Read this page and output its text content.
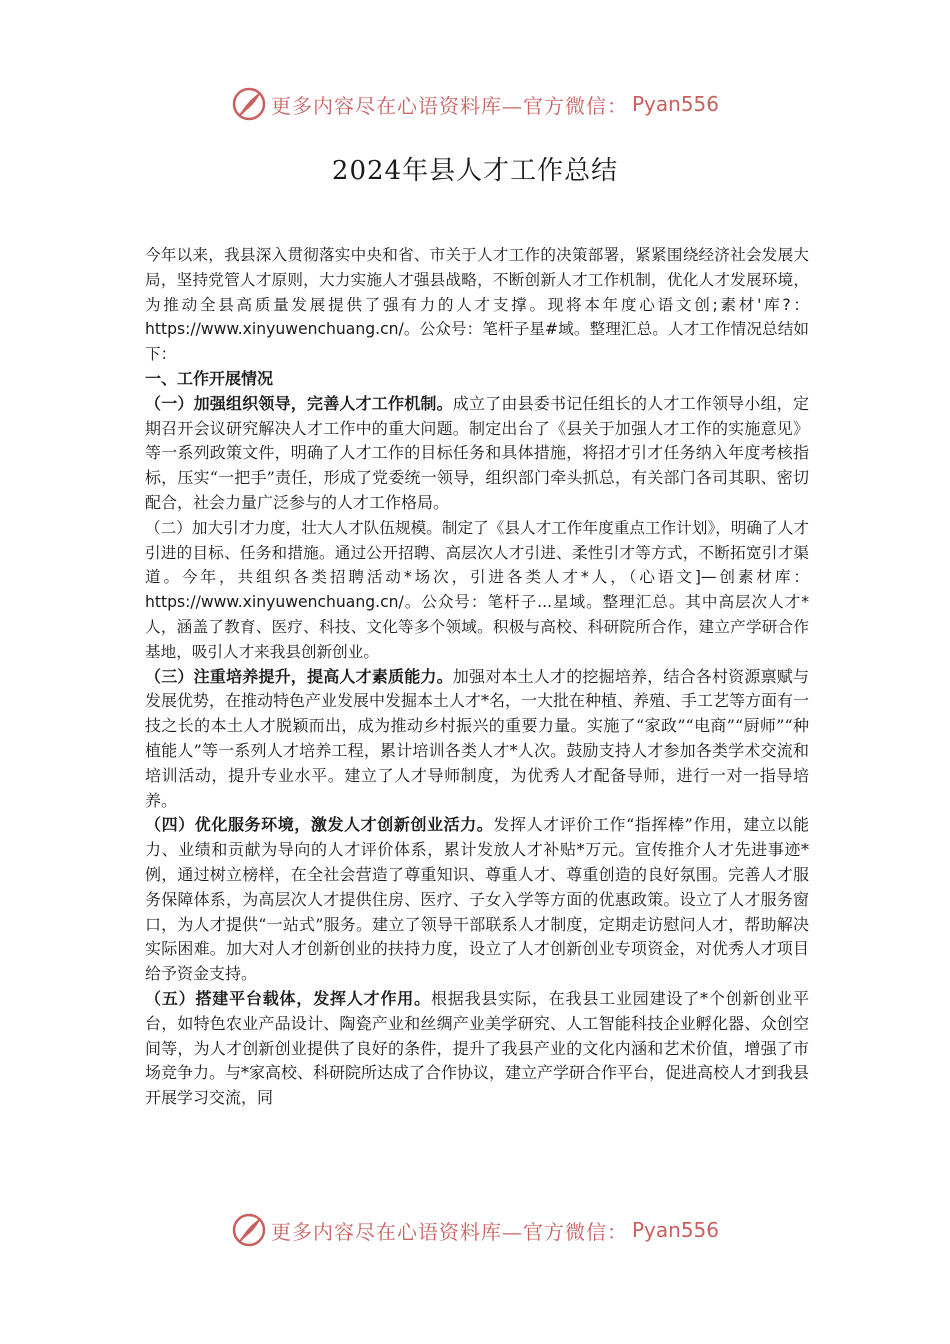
更多内容尽在心语资料库—官方微信： Pyan556
2024年县人才工作总结

今年以来，我县深入贯彻落实中央和省、市关于人才工作的决策部署，紧紧围绕经济社会发展大局，坚持党管人才原则，大力实施人才强县战略，不断创新人才工作机制，优化人才发展环境，为推动全县高质量发展提供了强有力的人才支撑。现将本年度心语文创;素材'库?：https://www.xinyuwenchuang.cn/。公众号：笔杆子星#域。整理汇总。人才工作情况总结如下：

一、工作开展情况

（一）加强组织领导，完善人才工作机制。成立了由县委书记任组长的人才工作领导小组，定期召开会议研究解决人才工作中的重大问题。制定出台了《县关于加强人才工作的实施意见》等一系列政策文件，明确了人才工作的目标任务和具体措施，将招才引才任务纳入年度考核指标，压实“一把手”责任，形成了党委统一领导，组织部门牵头抓总，有关部门各司其职、密切配合，社会力量广泛参与的人才工作格局。

（二）加大引才力度，壮大人才队伍规模。制定了《县人才工作年度重点工作计划》，明确了人才引进的目标、任务和措施。通过公开招聘、高层次人才引进、柔性引才等方式，不断拓宽引才渠道。今年，共组织各类招聘活动*场次，引进各类人才*人，（心语文]—创素材库：https://www.xinyuwenchuang.cn/。公众号：笔杆子...星域。整理汇总。其中高层次人才*人，涵盖了教育、医疗、科技、文化等多个领域。积极与高校、科研院所合作，建立产学研合作基地，吸引人才来我县创新创业。

（三）注重培养提升，提高人才素质能力。加强对本土人才的挖掘培养，结合各村资源禀赋与发展优势，在推动特色产业发展中发掘本土人才*名，一大批在种植、养殖、手工艺等方面有一技之长的本土人才脱颖而出，成为推动乡村振兴的重要力量。实施了“家政”“电商”“厨师”“种植能人”等一系列人才培养工程，累计培训各类人才*人次。鼓励支持人才参加各类学术交流和培训活动，提升专业水平。建立了人才导师制度，为优秀人才配备导师，进行一对一指导培养。

（四）优化服务环境，激发人才创新创业活力。发挥人才评价工作“指挥棒”作用，建立以能力、业绩和贡献为导向的人才评价体系，累计发放人才补贴*万元。宣传推介人才先进事迹*例，通过树立榜样，在全社会营造了尊重知识、尊重人才、尊重创造的良好氛围。完善人才服务保障体系，为高层次人才提供住房、医疗、子女入学等方面的优惠政策。设立了人才服务窗口，为人才提供“一站式”服务。建立了领导干部联系人才制度，定期走访慰问人才，帮助解决实际困难。加大对人才创新创业的扶持力度，设立了人才创新创业专项资金，对优秀人才项目给予资金支持。

（五）搭建平台载体，发挥人才作用。根据我县实际，在我县工业园建设了*个创新创业平台，如特色农业产品设计、陶瓷产业和丝绸产业美学研究、人工智能科技企业孵化器、众创空间等，为人才创新创业提供了良好的条件，提升了我县产业的文化内涵和艺术价值，增强了市场竞争力。与*家高校、科研院所达成了合作协议，建立产学研合作平台，促进高校人才到我县开展学习交流，同

更多内容尽在心语资料库—官方微信： Pyan556
